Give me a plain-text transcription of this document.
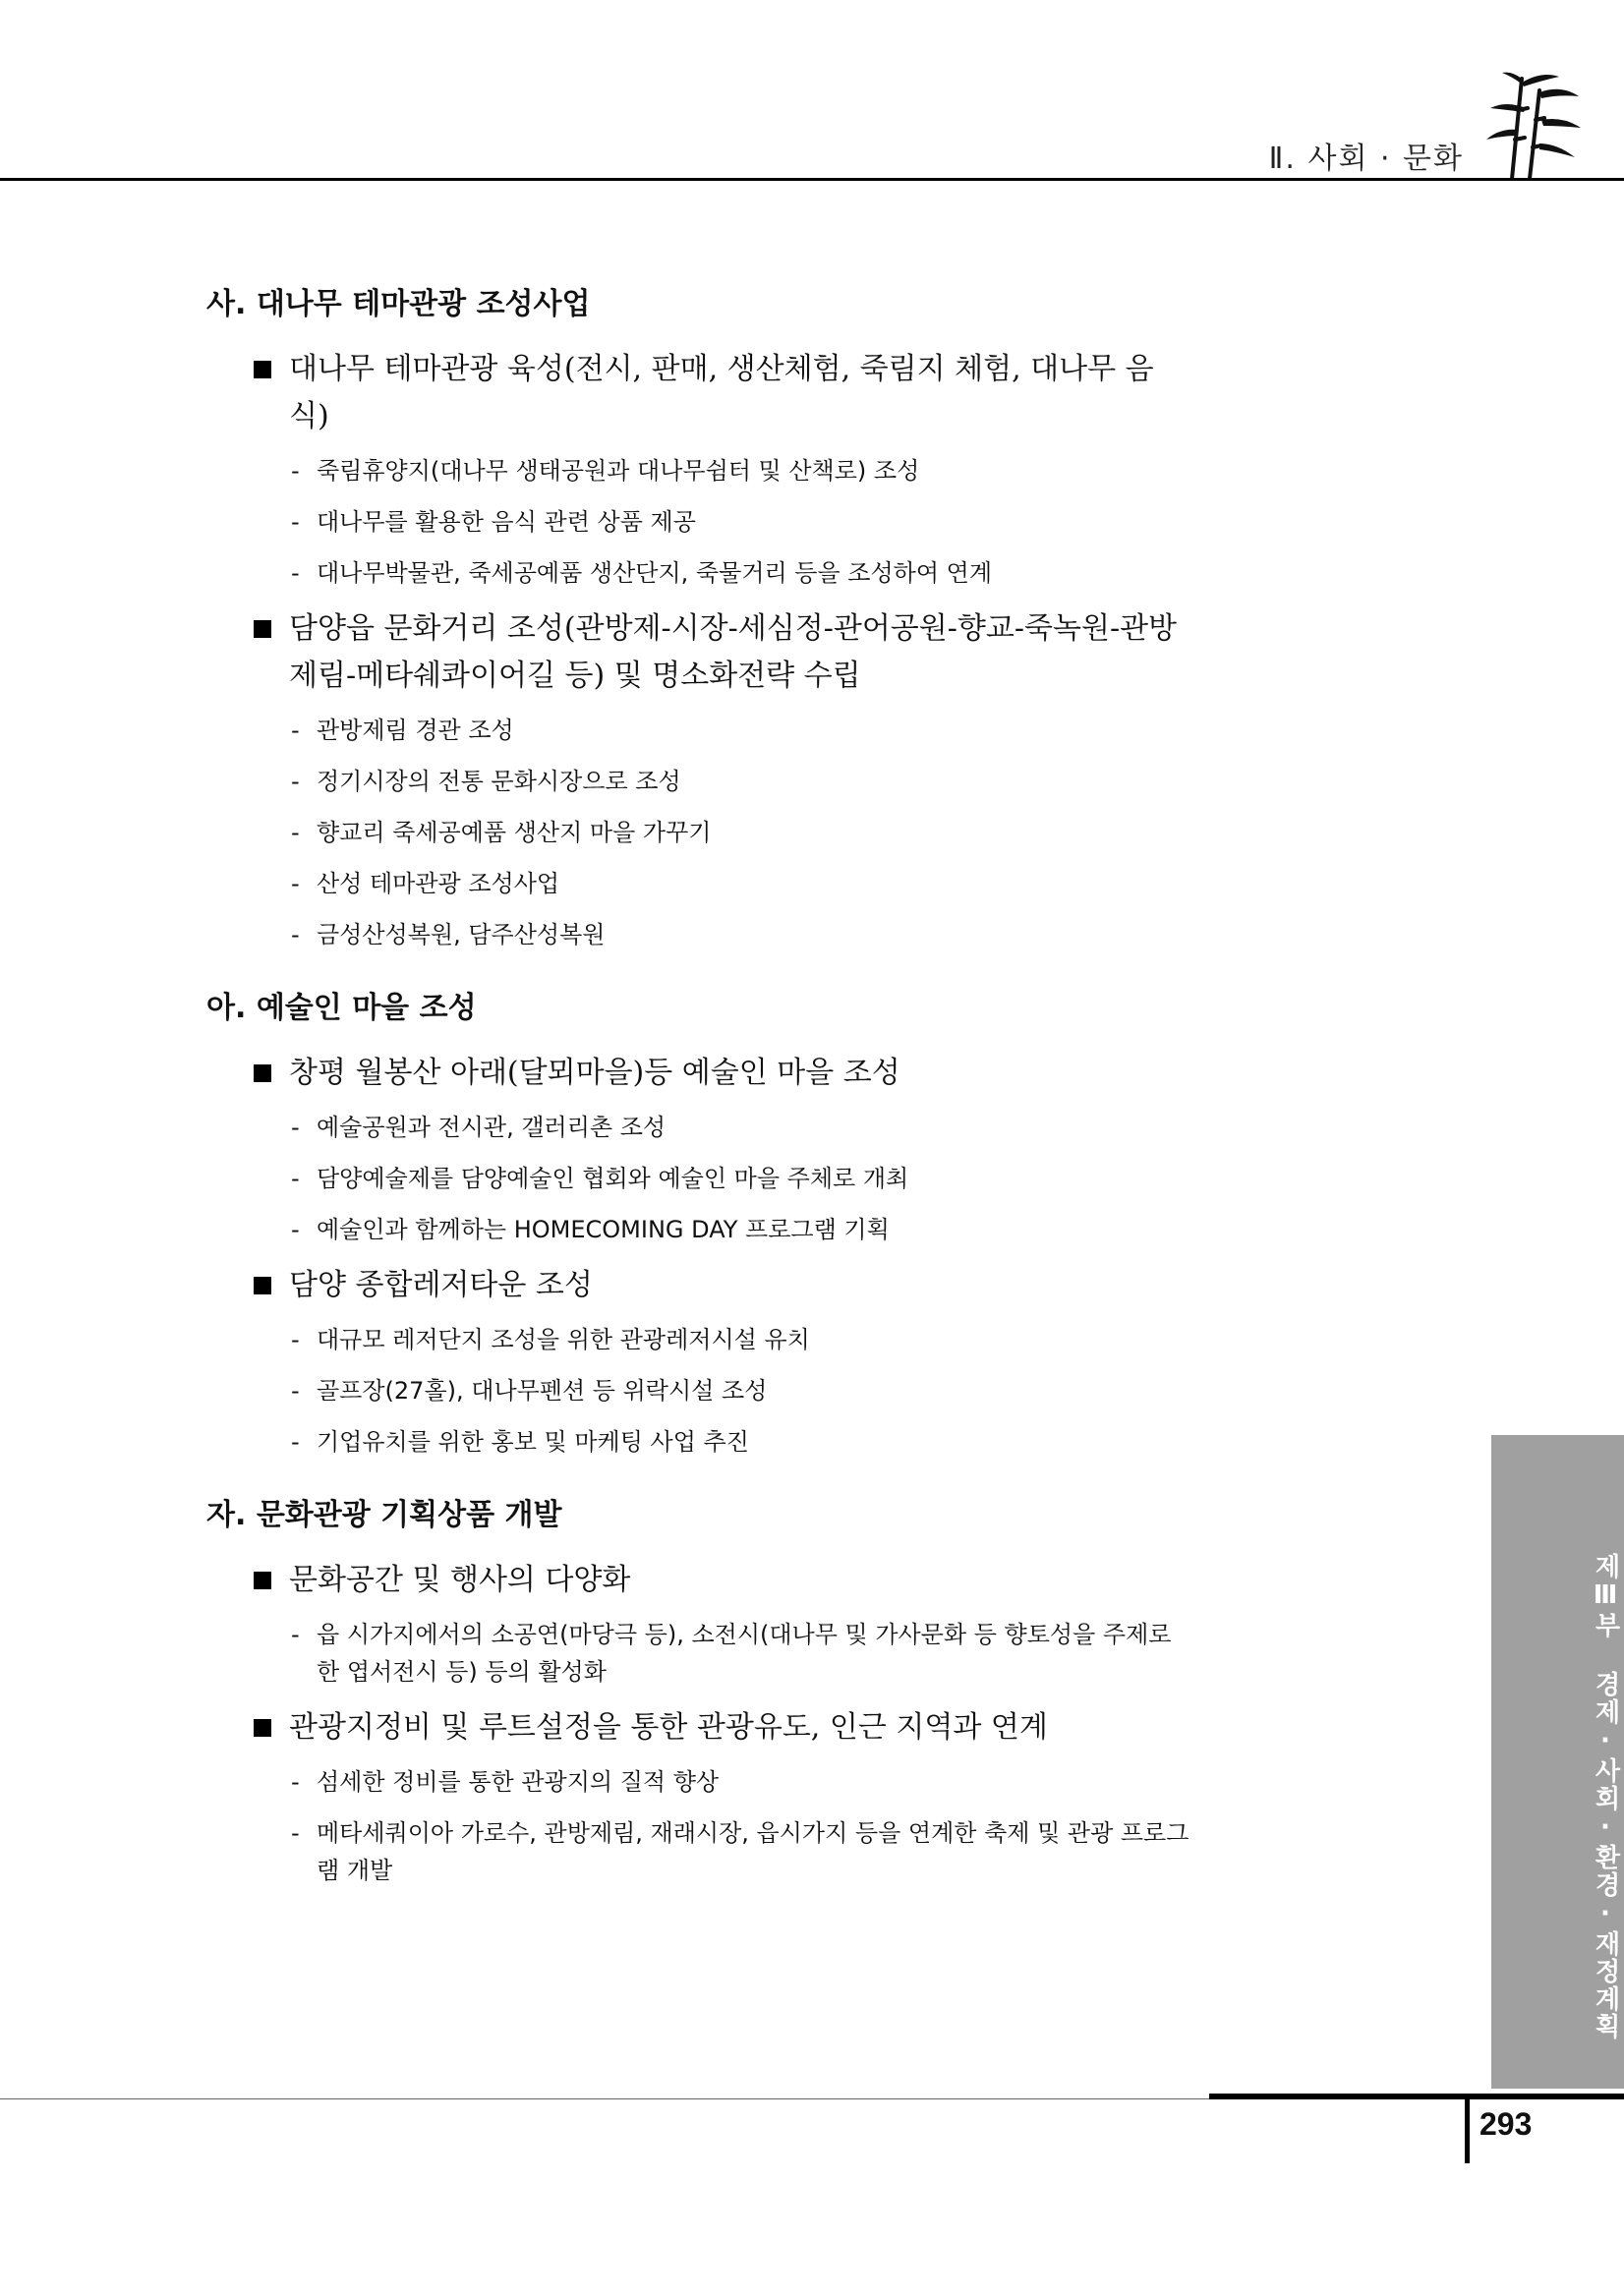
Ⅱ. 사회 · 문화
사. 대나무 테마관광 조성사업
대나무 테마관광 육성(전시, 판매, 생산체험, 죽림지 체험, 대나무 음식)
- 죽림휴양지(대나무 생태공원과 대나무쉼터 및 산책로) 조성
- 대나무를 활용한 음식 관련 상품 제공
- 대나무박물관, 죽세공예품 생산단지, 죽물거리 등을 조성하여 연계
담양읍 문화거리 조성(관방제-시장-세심정-관어공원-향교-죽녹원-관방제림-메타쉐콰이어길 등) 및 명소화전략 수립
- 관방제림 경관 조성
- 정기시장의 전통 문화시장으로 조성
- 향교리 죽세공예품 생산지 마을 가꾸기
- 산성 테마관광 조성사업
- 금성산성복원, 담주산성복원
아. 예술인 마을 조성
창평 월봉산 아래(달뫼마을)등 예술인 마을 조성
- 예술공원과 전시관, 갤러리촌 조성
- 담양예술제를 담양예술인 협회와 예술인 마을 주체로 개최
- 예술인과 함께하는 HOMECOMING DAY 프로그램 기획
담양 종합레저타운 조성
- 대규모 레저단지 조성을 위한 관광레저시설 유치
- 골프장(27홀), 대나무펜션 등 위락시설 조성
- 기업유치를 위한 홍보 및 마케팅 사업 추진
자. 문화관광 기획상품 개발
문화공간 및 행사의 다양화
- 읍 시가지에서의 소공연(마당극 등), 소전시(대나무 및 가사문화 등 향토성을 주제로 한 엽서전시 등) 등의 활성화
관광지정비 및 루트설정을 통한 관광유도, 인근 지역과 연계
- 섬세한 정비를 통한 관광지의 질적 향상
- 메타세쿼이아 가로수, 관방제림, 재래시장, 읍시가지 등을 연계한 축제 및 관광 프로그램 개발	제Ⅲ부 경제·사회·환경·재정계획
293
